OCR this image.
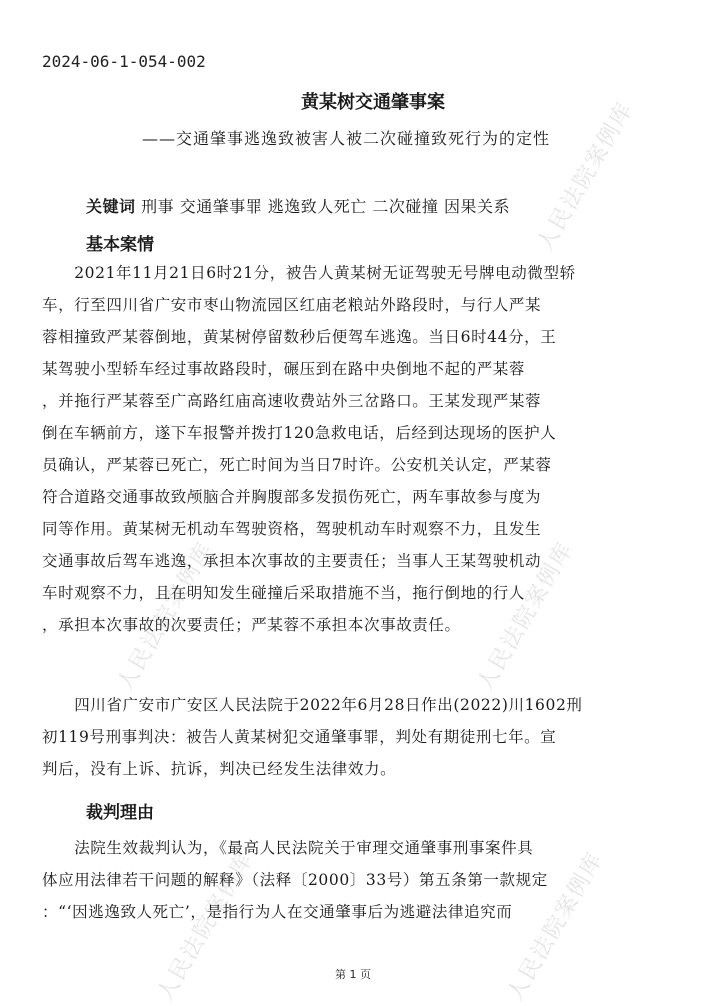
人民法院案例库
人民法院案例库	人民法院案例库
人民法院案例库	人民法院案例库
2024-06-1-054-002
黄某树交通肇事案
——交通肇事逃逸致被害人被二次碰撞致死行为的定性
关键词 刑事 交通肇事罪 逃逸致人死亡 二次碰撞 因果关系
基本案情
　　2021年11月21日6时21分，被告人黄某树无证驾驶无号牌电动微型轿
车，行至四川省广安市枣山物流园区红庙老粮站外路段时，与行人严某
蓉相撞致严某蓉倒地，黄某树停留数秒后便驾车逃逸。当日6时44分，王
某驾驶小型轿车经过事故路段时，碾压到在路中央倒地不起的严某蓉
，并拖行严某蓉至广高路红庙高速收费站外三岔路口。王某发现严某蓉
倒在车辆前方，遂下车报警并拨打120急救电话，后经到达现场的医护人
员确认，严某蓉已死亡，死亡时间为当日7时许。公安机关认定，严某蓉
符合道路交通事故致颅脑合并胸腹部多发损伤死亡，两车事故参与度为
同等作用。黄某树无机动车驾驶资格，驾驶机动车时观察不力，且发生
交通事故后驾车逃逸，承担本次事故的主要责任；当事人王某驾驶机动
车时观察不力，且在明知发生碰撞后采取措施不当，拖行倒地的行人
，承担本次事故的次要责任；严某蓉不承担本次事故责任。
　　四川省广安市广安区人民法院于2022年6月28日作出(2022)川1602刑
初119号刑事判决：被告人黄某树犯交通肇事罪，判处有期徒刑七年。宣
判后，没有上诉、抗诉，判决已经发生法律效力。
裁判理由
　　法院生效裁判认为，《最高人民法院关于审理交通肇事刑事案件具
体应用法律若干问题的解释》（法释〔2000〕33号）第五条第一款规定
：“‘因逃逸致人死亡’，是指行为人在交通肇事后为逃避法律追究而
第 1 页
